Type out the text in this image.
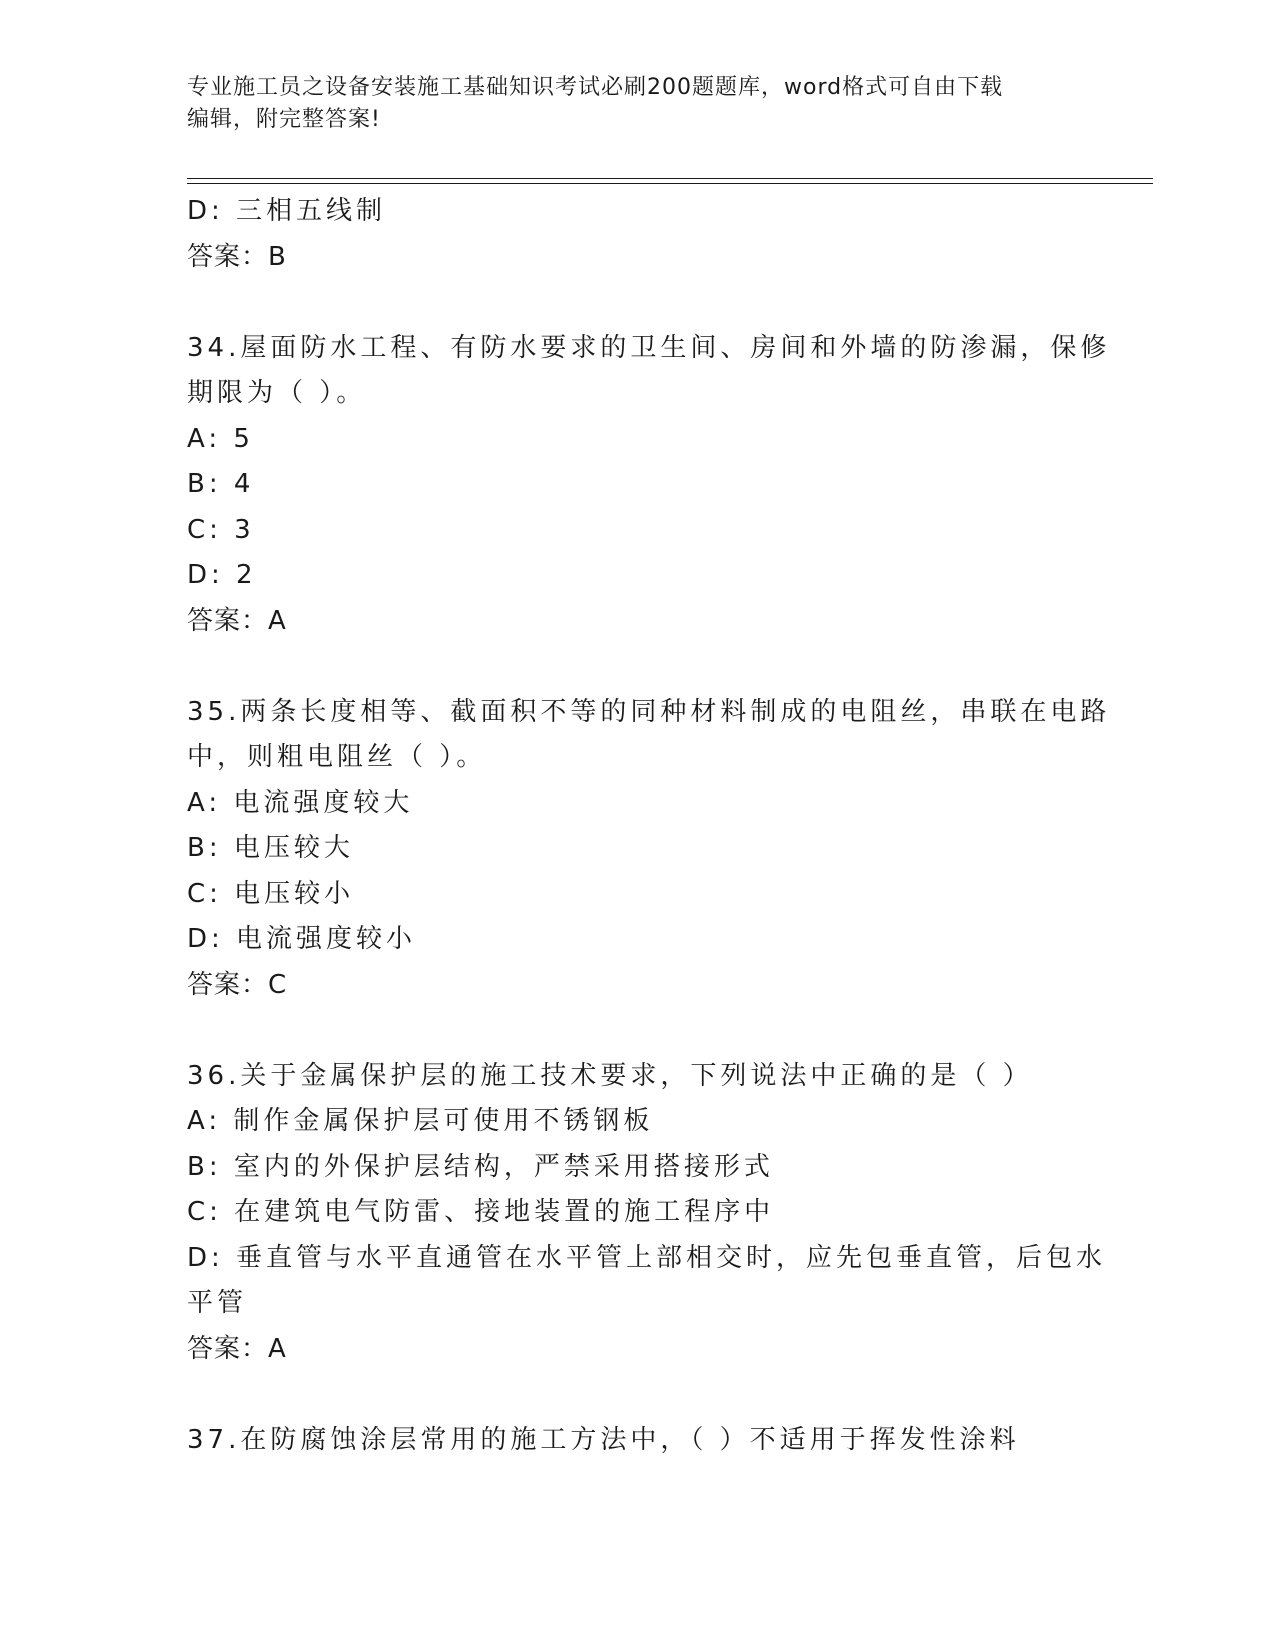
专业施工员之设备安装施工基础知识考试必刷200题题库，word格式可自由下载
编辑，附完整答案!
D: 三相五线制
答案：B
34.屋面防水工程、有防水要求的卫生间、房间和外墙的防渗漏，保修
期限为（ ）。
A: 5
B: 4
C: 3
D: 2
答案：A
35.两条长度相等、截面积不等的同种材料制成的电阻丝，串联在电路
中，则粗电阻丝（ ）。
A: 电流强度较大
B: 电压较大
C: 电压较小
D: 电流强度较小
答案：C
36.关于金属保护层的施工技术要求，下列说法中正确的是（ ）
A: 制作金属保护层可使用不锈钢板
B: 室内的外保护层结构，严禁采用搭接形式
C: 在建筑电气防雷、接地装置的施工程序中
D: 垂直管与水平直通管在水平管上部相交时，应先包垂直管，后包水
平管
答案：A
37.在防腐蚀涂层常用的施工方法中，（ ）不适用于挥发性涂料
